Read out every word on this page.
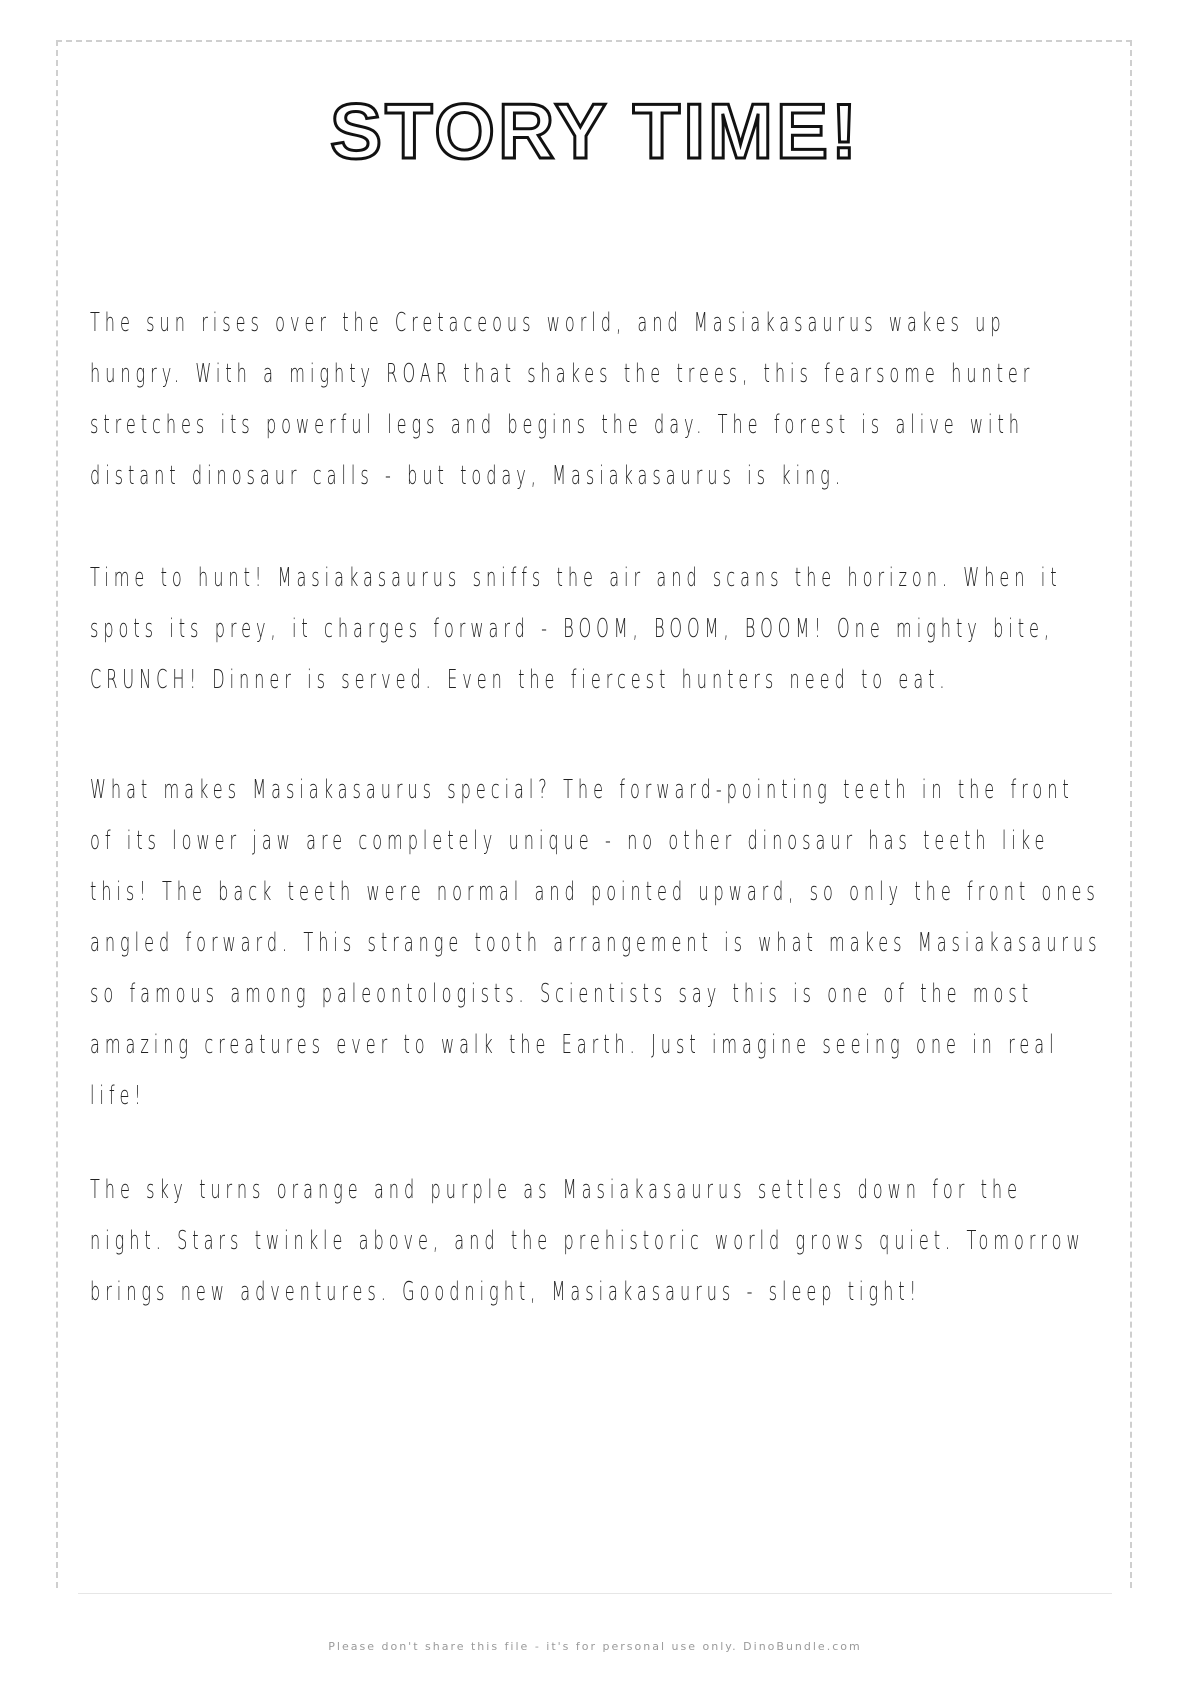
STORY TIME!

The sun rises over the Cretaceous world, and Masiakasaurus wakes up hungry. With a mighty ROAR that shakes the trees, this fearsome hunter stretches its powerful legs and begins the day. The forest is alive with distant dinosaur calls - but today, Masiakasaurus is king.

Time to hunt! Masiakasaurus sniffs the air and scans the horizon. When it spots its prey, it charges forward - BOOM, BOOM, BOOM! One mighty bite, CRUNCH! Dinner is served. Even the fiercest hunters need to eat.

What makes Masiakasaurus special? The forward-pointing teeth in the front of its lower jaw are completely unique - no other dinosaur has teeth like this! The back teeth were normal and pointed upward, so only the front ones angled forward. This strange tooth arrangement is what makes Masiakasaurus so famous among paleontologists. Scientists say this is one of the most amazing creatures ever to walk the Earth. Just imagine seeing one in real life!

The sky turns orange and purple as Masiakasaurus settles down for the night. Stars twinkle above, and the prehistoric world grows quiet. Tomorrow brings new adventures. Goodnight, Masiakasaurus - sleep tight!

Please don't share this file - it's for personal use only. DinoBundle.com
